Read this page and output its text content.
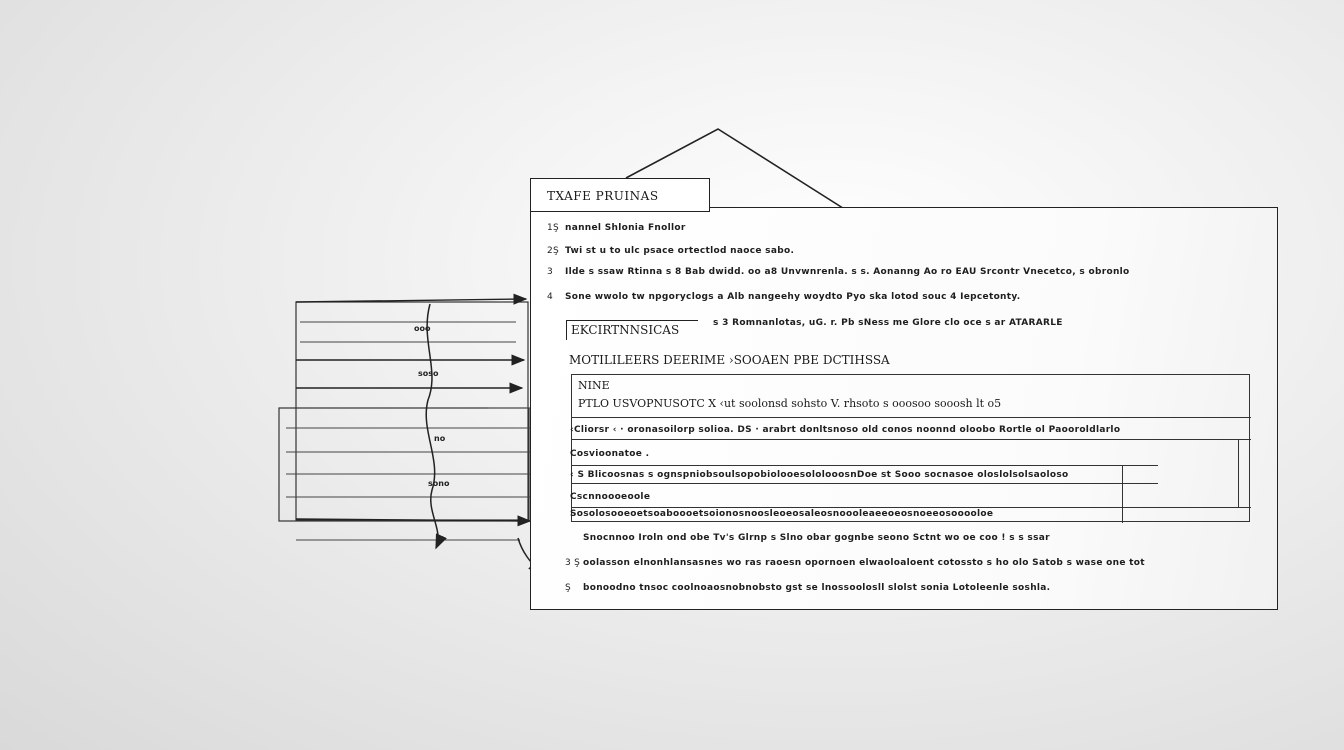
ooo
soso
no
sono
TXAFE PRUINAS
1Ş nannel Shlonia Fnollor
2Ş Twi st u to ulc psace ortectlod naoce sabo.
3 Ilde s ssaw Rtinna s 8 Bab dwidd. oo a8 Unvwnrenla. s s. Aonanng Ao ro EAU Srcontr Vnecetco, s obronlo
4 Sone wwolo tw npgoryclogs a Alb nangeehy woydto Pyo ska lotod souc 4 Iepcetonty.
EKCIRTNNSICAS	s 3 Romnanlotas, uG. r. Pb sNess me Glore clo oce s ar ATARARLE
MOTILILEERS DEERIME ›SOOAEN PBE DCTIHSSA
NINE
PTLO USVOPNUSOTC X ‹ut soolonsd sohsto V. rhsoto s ooosoo sooosh lt o5
‹Cliorsr ‹ · oronasoilorp solioa. DS · arabrt donltsnoso old conos noonnd oloobo Rortle ol Paooroldlarlo
Cosvioonatoe .
‹ S Blicoosnas s ognspniobsoulsopobiolooesololooosnDoe st Sooo socnasoe oloslolsolsaoloso
Cscnnoooeoole
Sosolosooeoetsoaboooetsoionosnoosleoeosaleosnoooleaeeoeosnoeeosooooloe
Snocnnoo Iroln ond obe Tv's Glrnp s Slno obar gognbe seono Sctnt wo oe coo ! s s ssar
3 Ş oolasson elnonhlansasnes wo ras raoesn opornoen elwaoloaloent cotossto s ho olo Satob s wase one tot
Ş bonoodno tnsoc coolnoaosnobnobsto gst se lnossoolosll slolst sonia Lotoleenle soshla.
